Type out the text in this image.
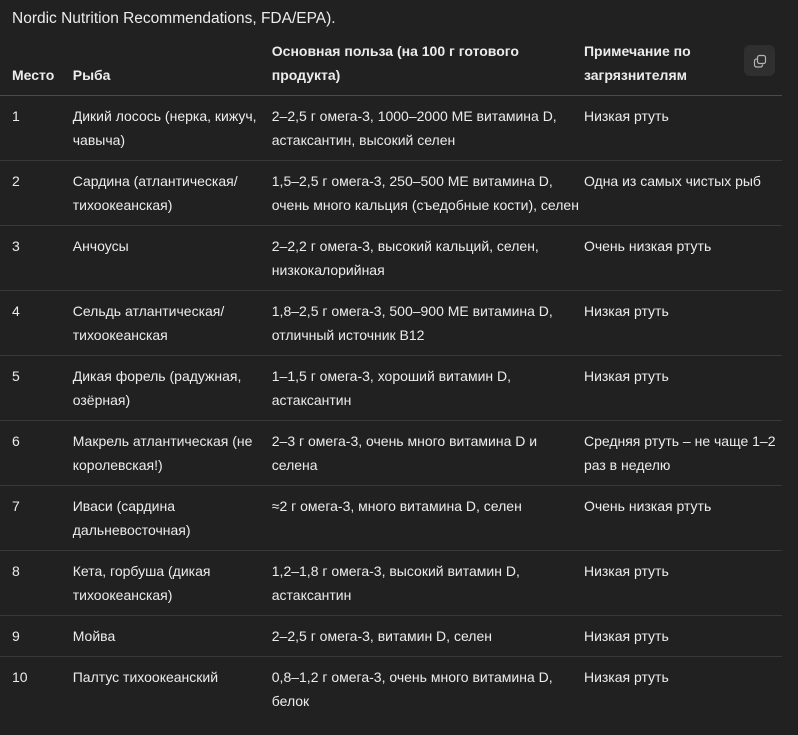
Nordic Nutrition Recommendations, FDA/EPA).
Место	Рыба	Основная польза (на 100 г готового продукта)	Примечание по загрязнителям
1	Дикий лосось (нерка, кижуч, чавыча)	2–2,5 г омега-3, 1000–2000 МЕ витамина D, астаксантин, высокий селен	Низкая ртуть
2	Сардина (атлантическая/тихоокеанская)	1,5–2,5 г омега-3, 250–500 МЕ витамина D, очень много кальция (съедобные кости), селен	Одна из самых чистых рыб
3	Анчоусы	2–2,2 г омега-3, высокий кальций, селен, низкокалорийная	Очень низкая ртуть
4	Сельдь атлантическая/тихоокеанская	1,8–2,5 г омега-3, 500–900 МЕ витамина D, отличный источник B12	Низкая ртуть
5	Дикая форель (радужная, озёрная)	1–1,5 г омега-3, хороший витамин D, астаксантин	Низкая ртуть
6	Макрель атлантическая (не королевская!)	2–3 г омега-3, очень много витамина D и селена	Средняя ртуть – не чаще 1–2 раз в неделю
7	Иваси (сардина дальневосточная)	≈2 г омега-3, много витамина D, селен	Очень низкая ртуть
8	Кета, горбуша (дикая тихоокеанская)	1,2–1,8 г омега-3, высокий витамин D, астаксантин	Низкая ртуть
9	Мойва	2–2,5 г омега-3, витамин D, селен	Низкая ртуть
10	Палтус тихоокеанский	0,8–1,2 г омега-3, очень много витамина D, белок	Низкая ртуть
